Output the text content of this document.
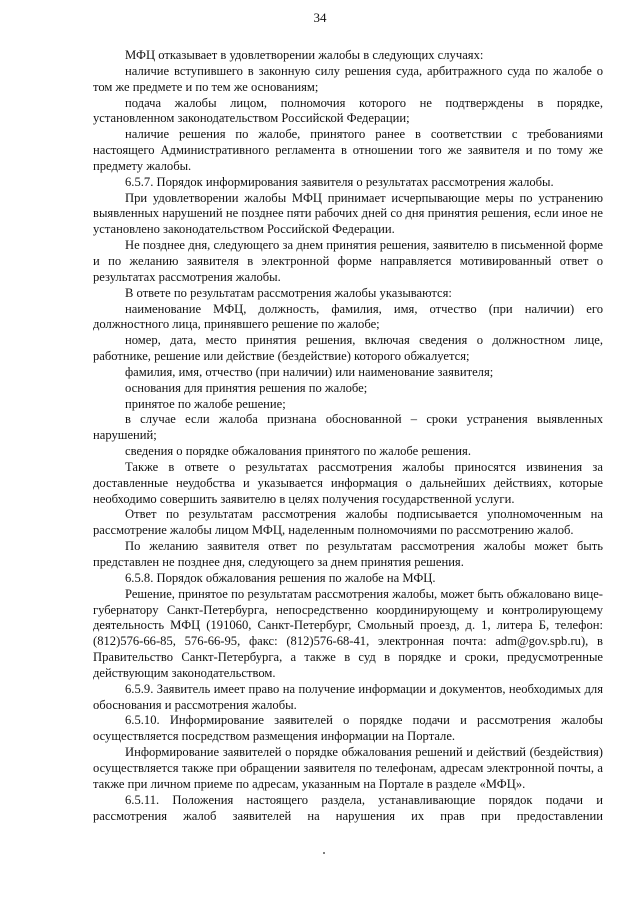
34

МФЦ отказывает в удовлетворении жалобы в следующих случаях:

наличие вступившего в законную силу решения суда, арбитражного суда по жалобе о том же предмете и по тем же основаниям;

подача жалобы лицом, полномочия которого не подтверждены в порядке, установленном законодательством Российской Федерации;

наличие решения по жалобе, принятого ранее в соответствии с требованиями настоящего Административного регламента в отношении того же заявителя и по тому же предмету жалобы.

6.5.7. Порядок информирования заявителя о результатах рассмотрения жалобы.

При удовлетворении жалобы МФЦ принимает исчерпывающие меры по устранению выявленных нарушений не позднее пяти рабочих дней со дня принятия решения, если иное не установлено законодательством Российской Федерации.

Не позднее дня, следующего за днем принятия решения, заявителю в письменной форме и по желанию заявителя в электронной форме направляется мотивированный ответ о результатах рассмотрения жалобы.

В ответе по результатам рассмотрения жалобы указываются:

наименование МФЦ, должность, фамилия, имя, отчество (при наличии) его должностного лица, принявшего решение по жалобе;

номер, дата, место принятия решения, включая сведения о должностном лице, работнике, решение или действие (бездействие) которого обжалуется;

фамилия, имя, отчество (при наличии) или наименование заявителя;

основания для принятия решения по жалобе;

принятое по жалобе решение;

в случае если жалоба признана обоснованной – сроки устранения выявленных нарушений;

сведения о порядке обжалования принятого по жалобе решения.

Также в ответе о результатах рассмотрения жалобы приносятся извинения за доставленные неудобства и указывается информация о дальнейших действиях, которые необходимо совершить заявителю в целях получения государственной услуги.

Ответ по результатам рассмотрения жалобы подписывается уполномоченным на рассмотрение жалобы лицом МФЦ, наделенным полномочиями по рассмотрению жалоб.

По желанию заявителя ответ по результатам рассмотрения жалобы может быть представлен не позднее дня, следующего за днем принятия решения.

6.5.8. Порядок обжалования решения по жалобе на МФЦ.

Решение, принятое по результатам рассмотрения жалобы, может быть обжаловано вице-губернатору Санкт-Петербурга, непосредственно координирующему и контролирующему деятельность МФЦ (191060, Санкт-Петербург, Смольный проезд, д. 1, литера Б, телефон: (812)576-66-85, 576-66-95, факс: (812)576-68-41, электронная почта: adm@gov.spb.ru), в Правительство Санкт-Петербурга, а также в суд в порядке и сроки, предусмотренные действующим законодательством.

6.5.9. Заявитель имеет право на получение информации и документов, необходимых для обоснования и рассмотрения жалобы.

6.5.10. Информирование заявителей о порядке подачи и рассмотрения жалобы осуществляется посредством размещения информации на Портале.

Информирование заявителей о порядке обжалования решений и действий (бездействия) осуществляется также при обращении заявителя по телефонам, адресам электронной почты, а также при личном приеме по адресам, указанным на Портале в разделе «МФЦ».

6.5.11. Положения настоящего раздела, устанавливающие порядок подачи и рассмотрения жалоб заявителей на нарушения их прав при предоставлении
